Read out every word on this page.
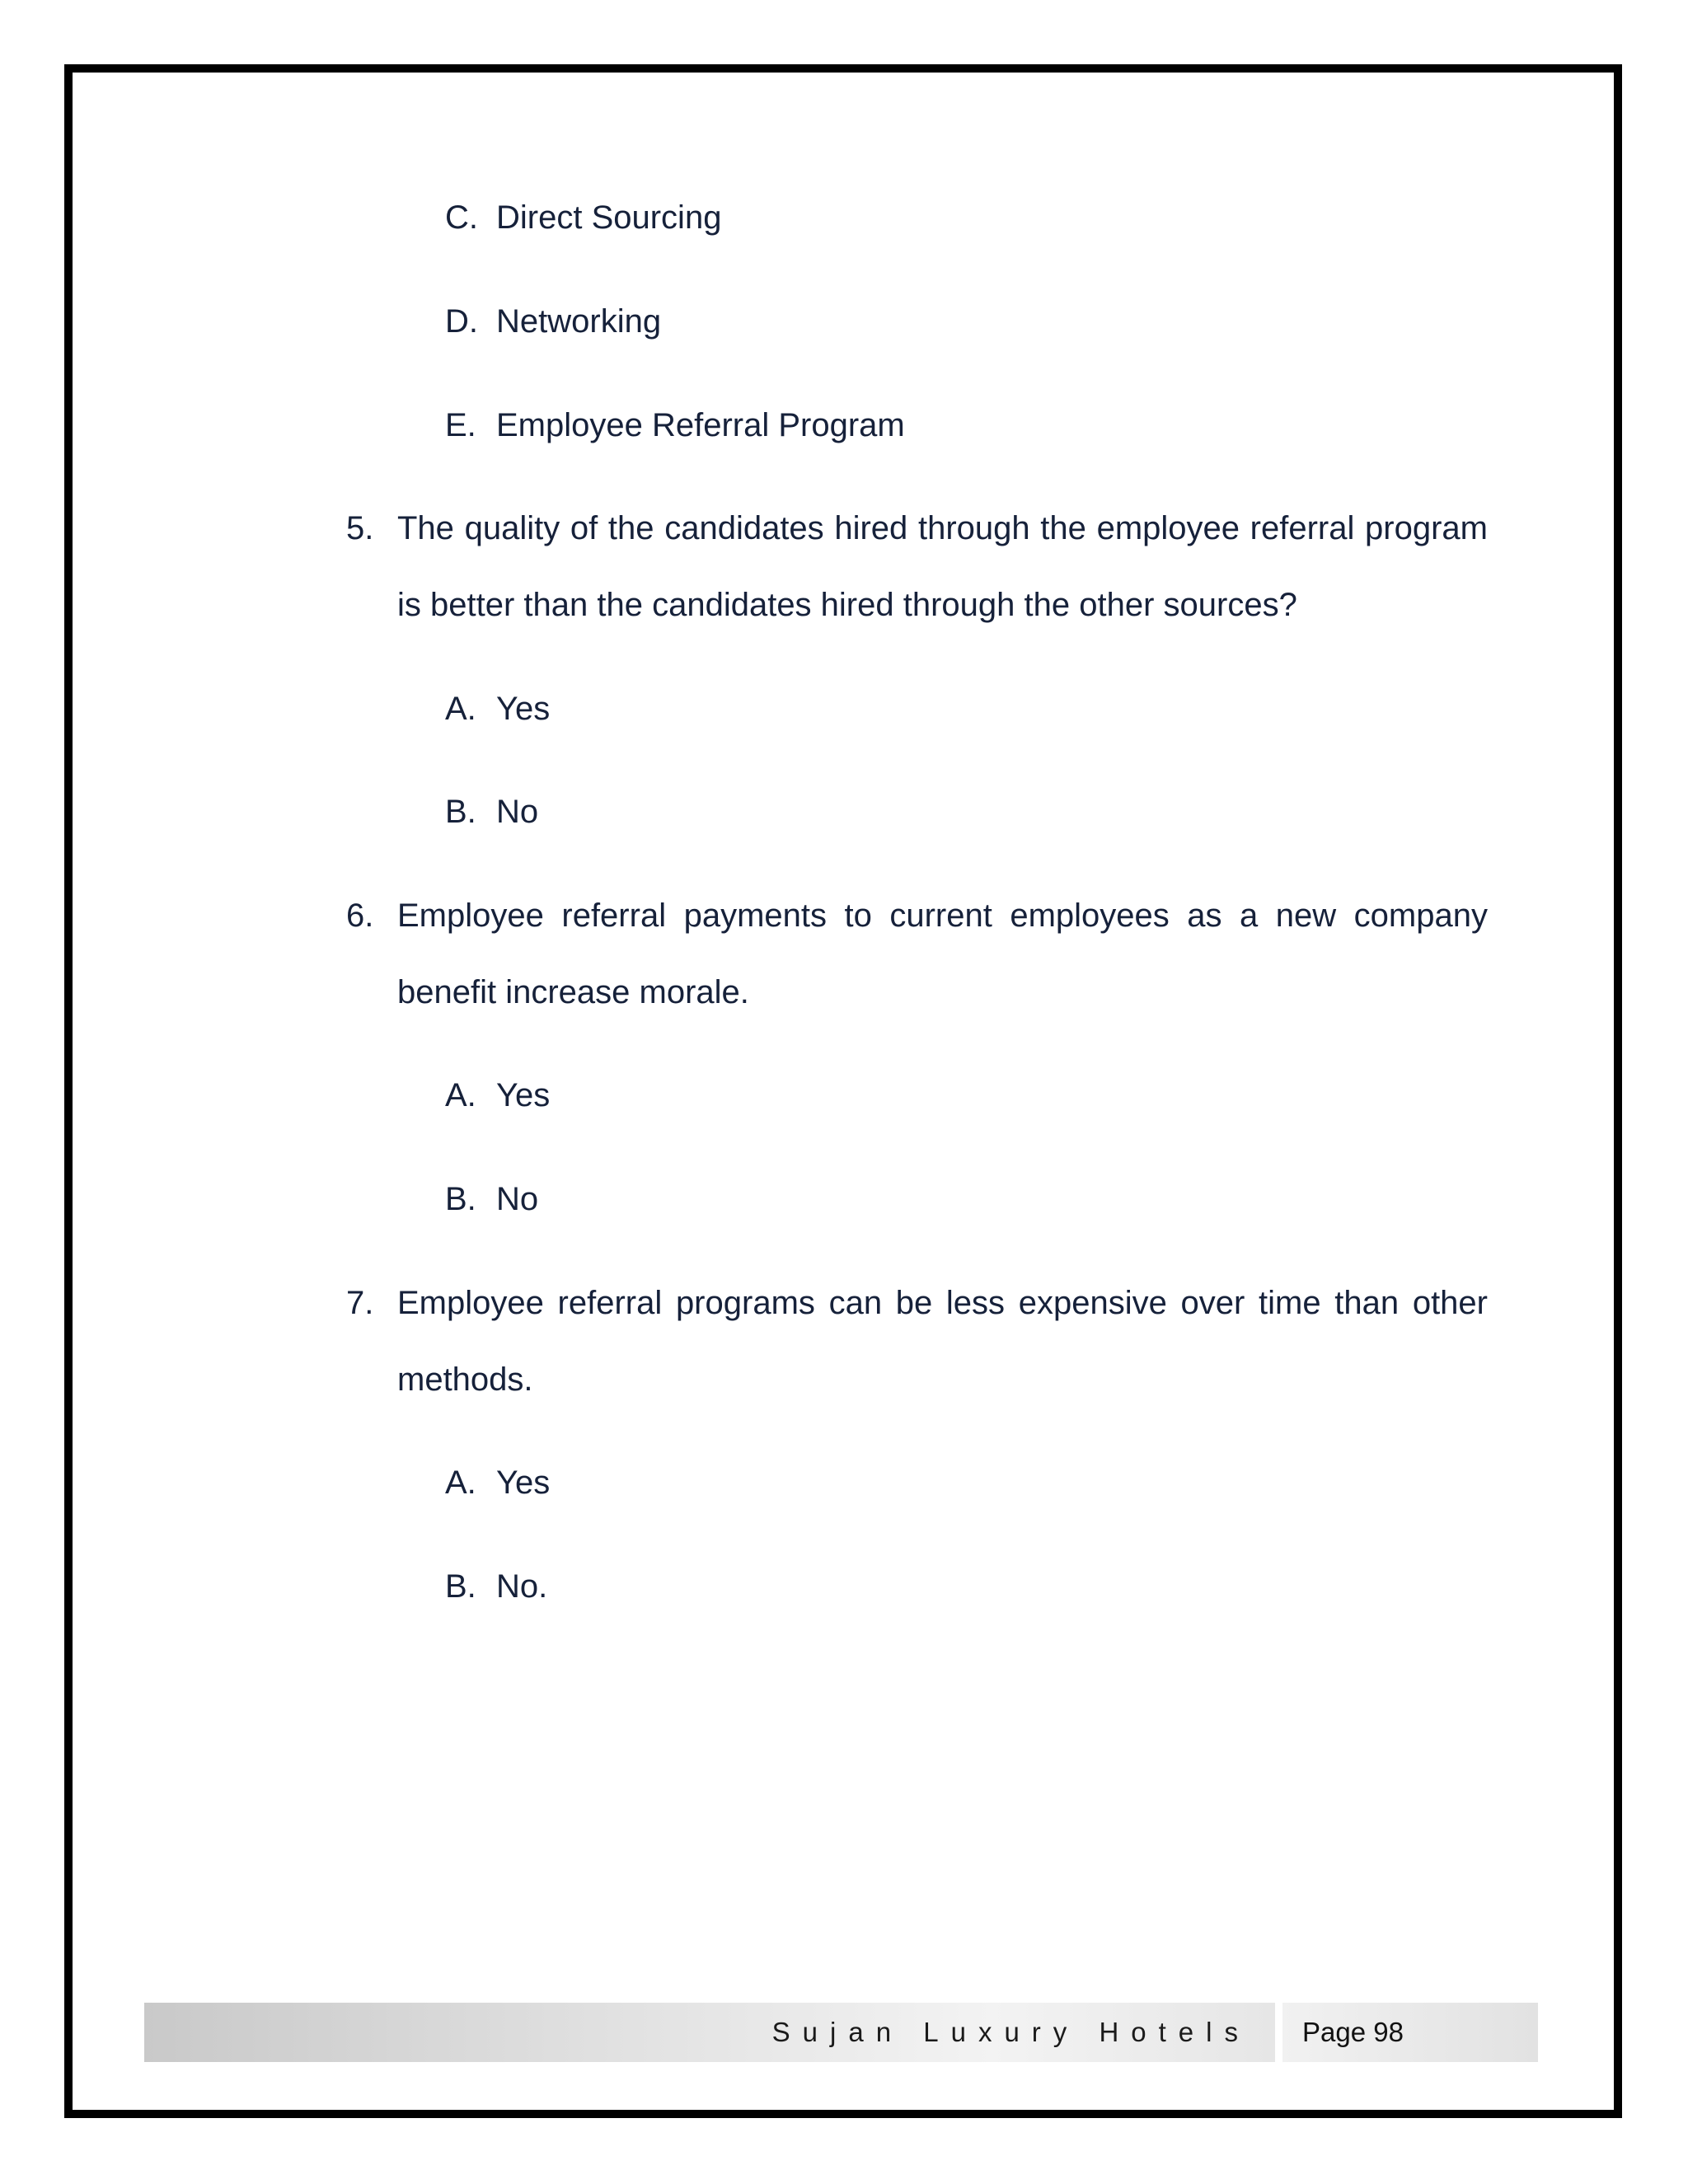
C. Direct Sourcing
D. Networking
E. Employee Referral Program
5. The quality of the candidates hired through the employee referral program
is better than the candidates hired through the other sources?
A. Yes
B. No
6. Employee referral payments to current employees as a new company
benefit increase morale.
A. Yes
B. No
7. Employee referral programs can be less expensive over time than other
methods.
A. Yes
B. No.
Sujan Luxury Hotels	Page 98
